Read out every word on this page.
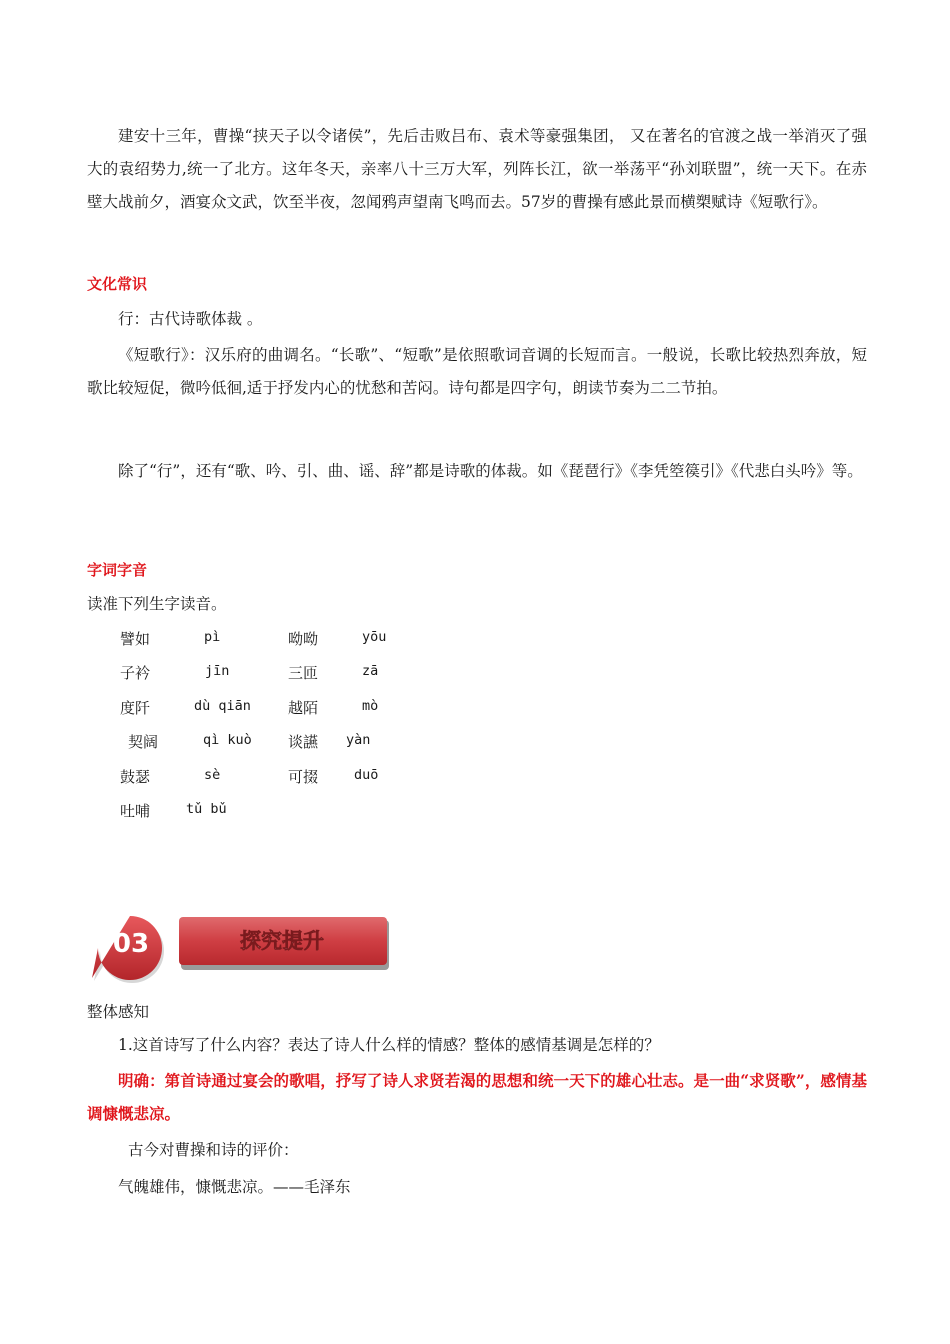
建安十三年，曹操“挟天子以令诸侯”，先后击败吕布、袁术等豪强集团， 又在著名的官渡之战一举消灭了强大的袁绍势力,统一了北方。这年冬天，亲率八十三万大军，列阵长江，欲一举荡平“孙刘联盟”，统一天下。在赤壁大战前夕，酒宴众文武，饮至半夜，忽闻鸦声望南飞鸣而去。57岁的曹操有感此景而横槊赋诗《短歌行》。

文化常识
行：古代诗歌体裁 。

《短歌行》：汉乐府的曲调名。“长歌”、“短歌”是依照歌词音调的长短而言。一般说，长歌比较热烈奔放，短歌比较短促，微吟低徊,适于抒发内心的忧愁和苦闷。诗句都是四字句，朗读节奏为二二节拍。

除了“行”，还有“歌、吟、引、曲、谣、辞”都是诗歌的体裁。如《琵琶行》《李凭箜篌引》《代悲白头吟》等。

字词字音
读准下列生字读音。
譬如	pì	呦呦	yōu
子衿	jīn	三匝	zā
度阡	dù qiān 越陌	mò
契阔	qì kuò 谈讌 yàn
鼓瑟	sè	可掇	duō
吐哺	tǔ bǔ
03	探究提升
整体感知
1.这首诗写了什么内容？表达了诗人什么样的情感？整体的感情基调是怎样的？

明确：第首诗通过宴会的歌唱，抒写了诗人求贤若渴的思想和统一天下的雄心壮志。是一曲“求贤歌”，感情基调慷慨悲凉。

古今对曹操和诗的评价：
气魄雄伟，慷慨悲凉。——毛泽东
